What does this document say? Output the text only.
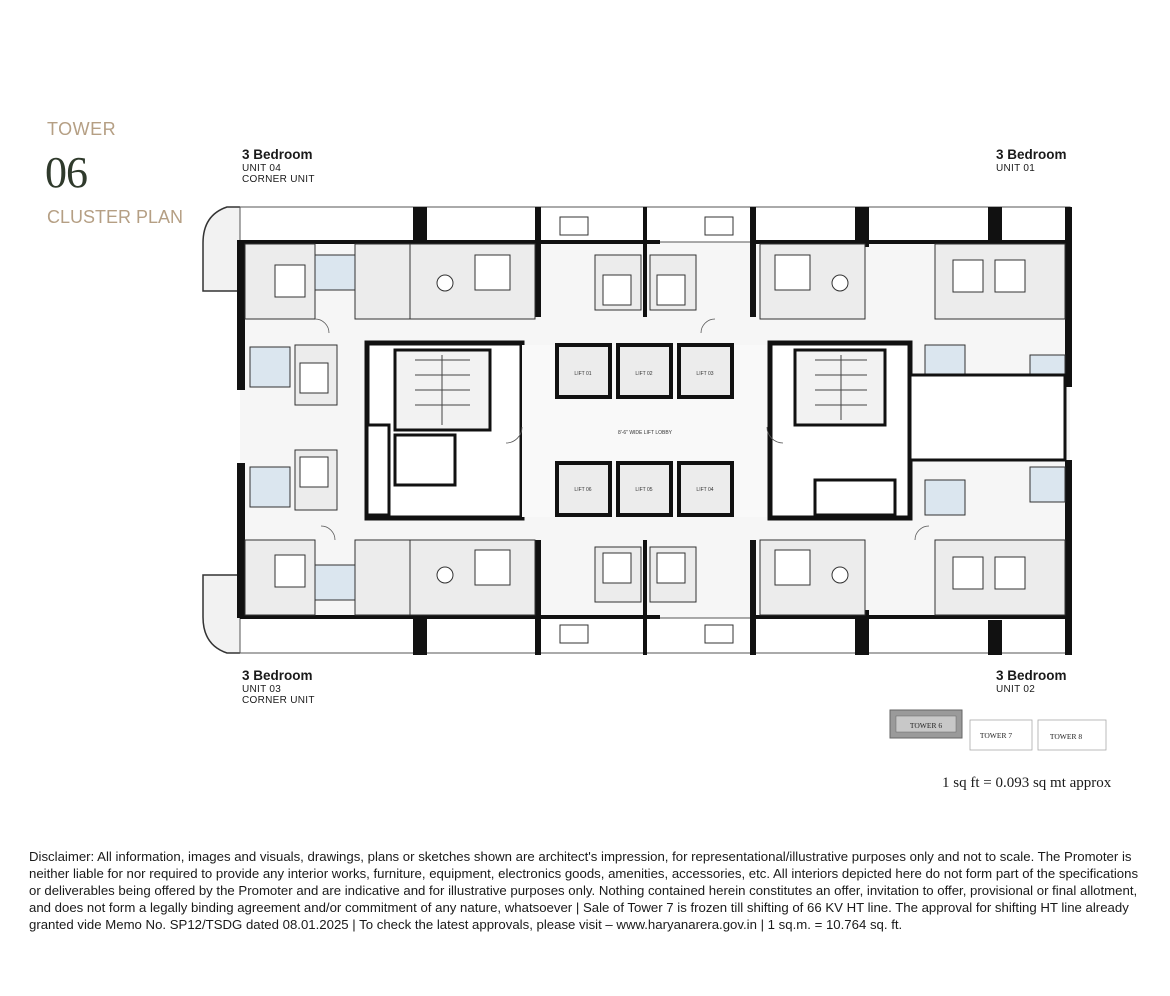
TOWER
06
CLUSTER PLAN
3 Bedroom
UNIT 04
CORNER UNIT
3 Bedroom
UNIT 01
3 Bedroom
UNIT 03
CORNER UNIT
3 Bedroom
UNIT 02
8'-6" WIDE LIFT LOBBY
LIFT 01	LIFT 02	LIFT 03
LIFT 06	LIFT 05	LIFT 04
TOWER 6
TOWER 7	TOWER 8
1 sq ft = 0.093 sq mt approx
Disclaimer: All information, images and visuals, drawings, plans or sketches shown are architect's impression, for representational/illustrative purposes only and not to scale. The Promoter is neither liable for nor required to provide any interior works, furniture, equipment, electronics goods, amenities, accessories, etc. All interiors depicted here do not form part of the specifications or deliverables being offered by the Promoter and are indicative and for illustrative purposes only. Nothing contained herein constitutes an offer, invitation to offer, provisional or final allotment, and does not form a legally binding agreement and/or commitment of any nature, whatsoever | Sale of Tower 7 is frozen till shifting of 66 KV HT line. The approval for shifting HT line already granted vide Memo No. SP12/TSDG dated 08.01.2025 | To check the latest approvals, please visit – www.haryanarera.gov.in | 1 sq.m. = 10.764 sq. ft.
